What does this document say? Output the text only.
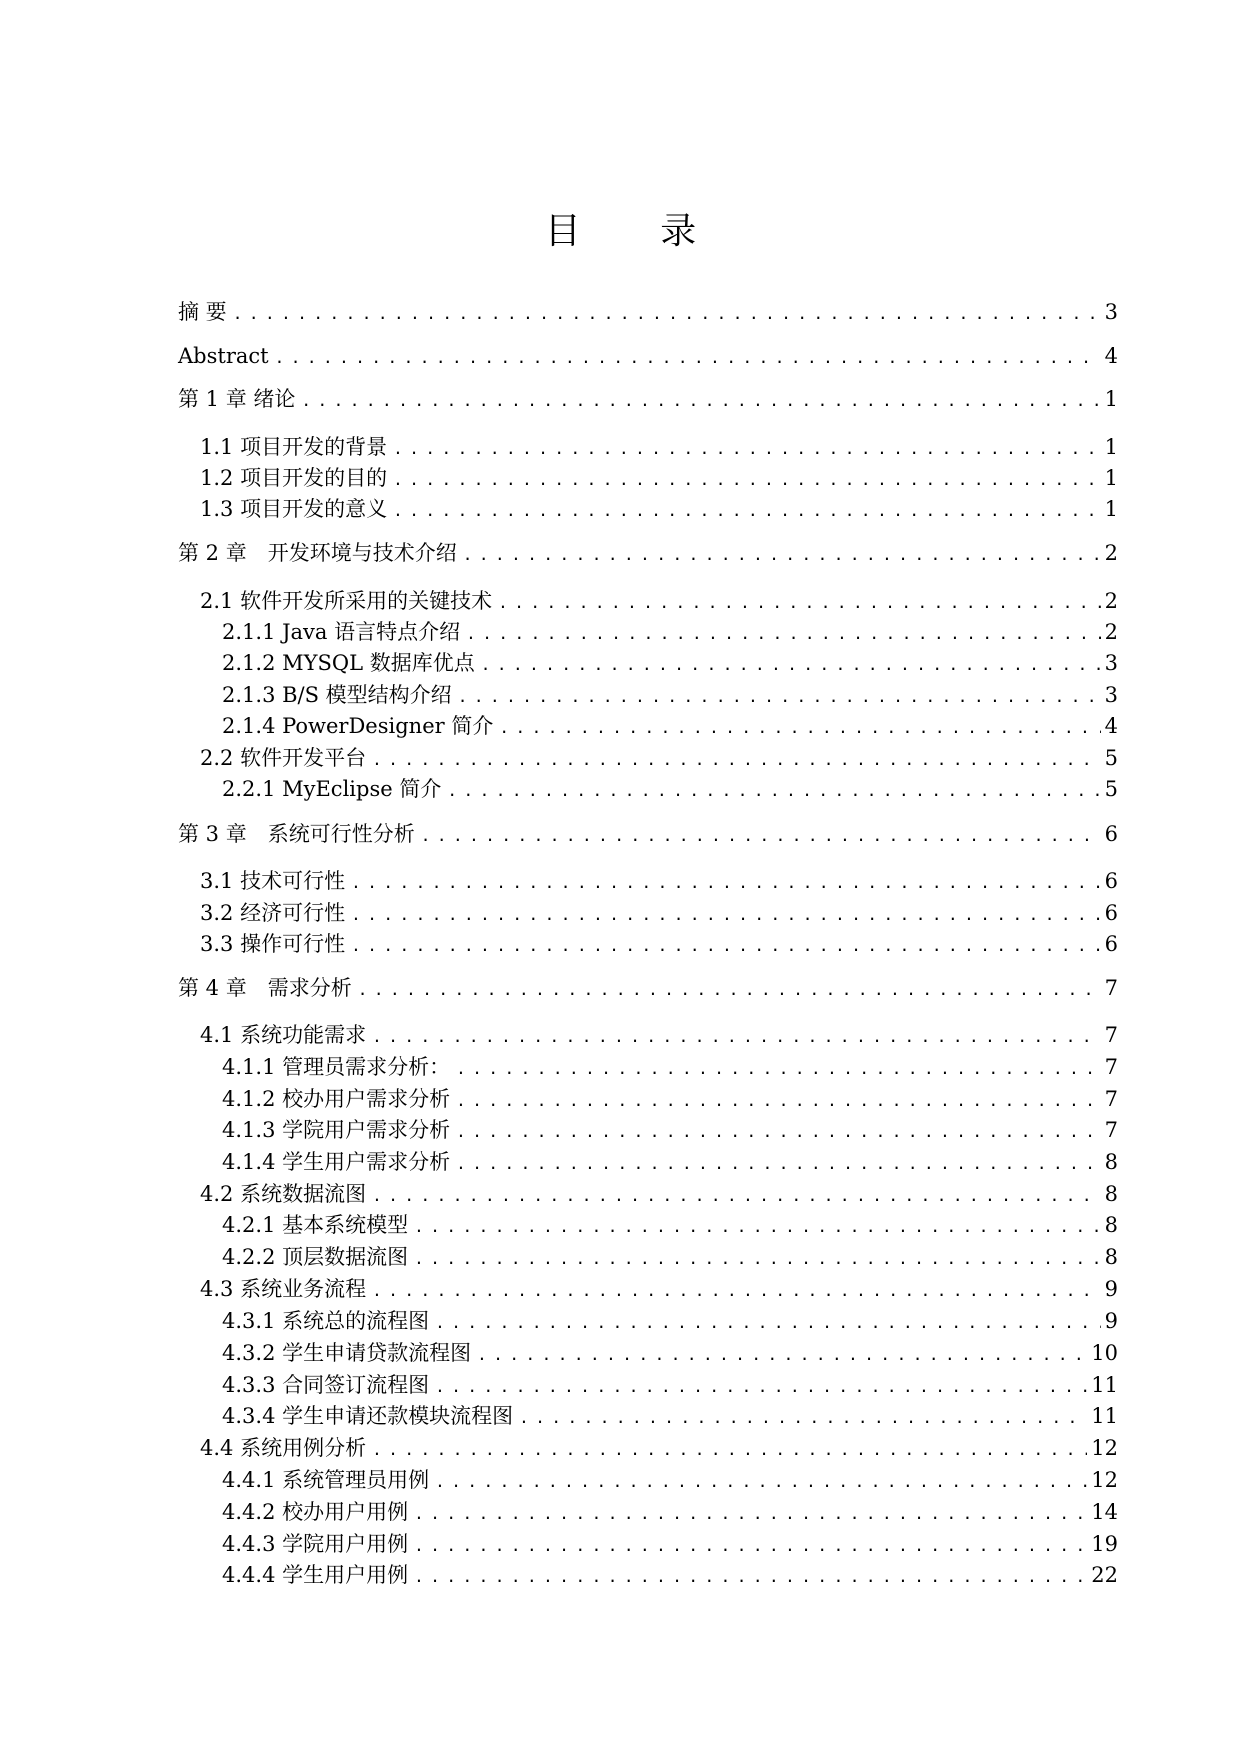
目 录
摘 要 .....	3
Abstract .....	4
第 1 章 绪论 .....	1
1.1 项目开发的背景 .....	1
1.2 项目开发的目的 .....	1
1.3 项目开发的意义 .....	1
第 2 章　开发环境与技术介绍 .....	2
2.1 软件开发所采用的关键技术 .....	2
2.1.1 Java 语言特点介绍 .....	2
2.1.2 MYSQL 数据库优点 .....	3
2.1.3 B/S 模型结构介绍 .....	3
2.1.4 PowerDesigner 简介 .....	4
2.2 软件开发平台 .....	5
2.2.1 MyEclipse 简介 .....	5
第 3 章　系统可行性分析 .....	6
3.1 技术可行性 .....	6
3.2 经济可行性 .....	6
3.3 操作可行性 .....	6
第 4 章　需求分析 .....	7
4.1 系统功能需求 .....	7
4.1.1 管理员需求分析： .....	7
4.1.2 校办用户需求分析 .....	7
4.1.3 学院用户需求分析 .....	7
4.1.4 学生用户需求分析 .....	8
4.2 系统数据流图 .....	8
4.2.1 基本系统模型 .....	8
4.2.2 顶层数据流图 .....	8
4.3 系统业务流程 .....	9
4.3.1 系统总的流程图 .....	9
4.3.2 学生申请贷款流程图 .....	10
4.3.3 合同签订流程图 .....	11
4.3.4 学生申请还款模块流程图 .....	11
4.4 系统用例分析 .....	12
4.4.1 系统管理员用例 .....	12
4.4.2 校办用户用例 .....	14
4.4.3 学院用户用例 .....	19
4.4.4 学生用户用例 .....	22
